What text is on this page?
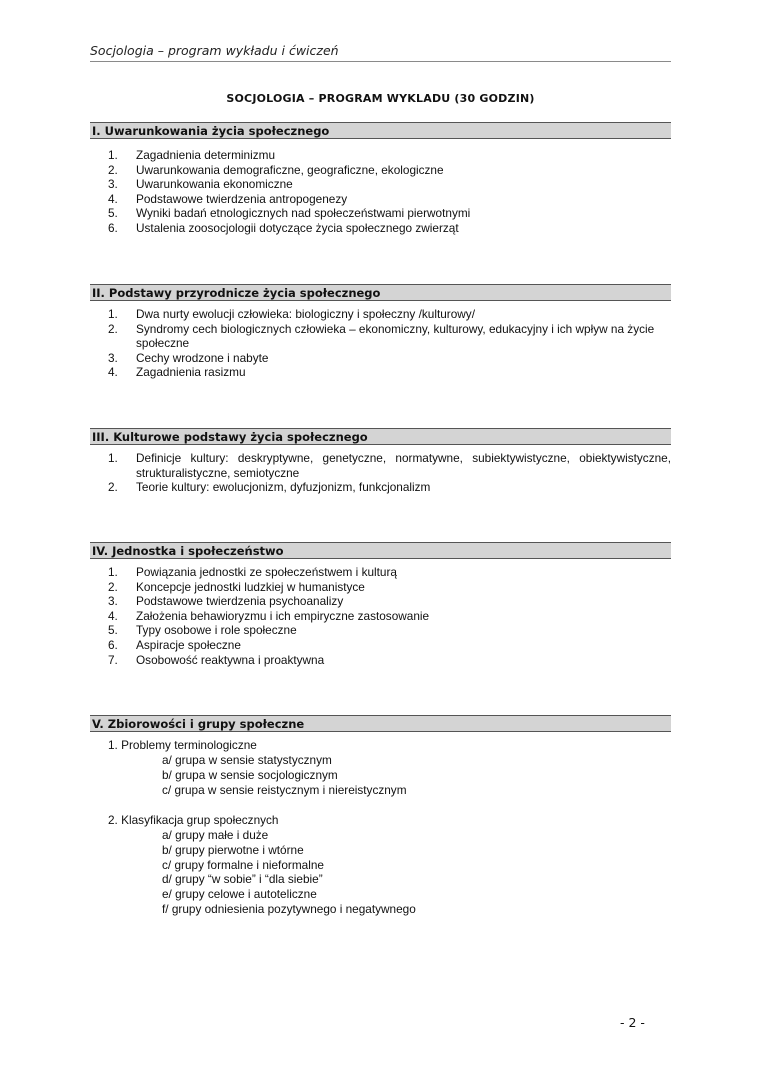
Socjologia – program wykładu i ćwiczeń
SOCJOLOGIA – PROGRAM WYKLADU (30 GODZIN)
I. Uwarunkowania życia społecznego
1. Zagadnienia determinizmu
2. Uwarunkowania demograficzne, geograficzne, ekologiczne
3. Uwarunkowania ekonomiczne
4. Podstawowe twierdzenia antropogenezy
5. Wyniki badań etnologicznych nad społeczeństwami pierwotnymi
6. Ustalenia zoosocjologii dotyczące życia społecznego zwierząt
II. Podstawy przyrodnicze życia społecznego
1. Dwa nurty ewolucji człowieka: biologiczny i społeczny /kulturowy/
2. Syndromy cech biologicznych człowieka – ekonomiczny, kulturowy, edukacyjny i ich wpływ na życie społeczne
3. Cechy wrodzone i nabyte
4. Zagadnienia rasizmu
III. Kulturowe podstawy życia społecznego
1. Definicje kultury: deskryptywne, genetyczne, normatywne, subiektywistyczne, obiektywistyczne, strukturalistyczne, semiotyczne
2. Teorie kultury: ewolucjonizm, dyfuzjonizm, funkcjonalizm
IV. Jednostka i społeczeństwo
1. Powiązania jednostki ze społeczeństwem i kulturą
2. Koncepcje jednostki ludzkiej w humanistyce
3. Podstawowe twierdzenia psychoanalizy
4. Założenia behawioryzmu i ich empiryczne zastosowanie
5. Typy osobowe i role społeczne
6. Aspiracje społeczne
7. Osobowość reaktywna i proaktywna
V. Zbiorowości i grupy społeczne
1. Problemy terminologiczne
a/ grupa w sensie statystycznym
b/ grupa w sensie socjologicznym
c/ grupa w sensie reistycznym i niereistycznym
2. Klasyfikacja grup społecznych
a/ grupy małe i duże
b/ grupy pierwotne i wtórne
c/ grupy formalne i nieformalne
d/ grupy “w sobie” i “dla siebie”
e/ grupy celowe i autoteliczne
f/ grupy odniesienia pozytywnego i negatywnego
- 2 -
